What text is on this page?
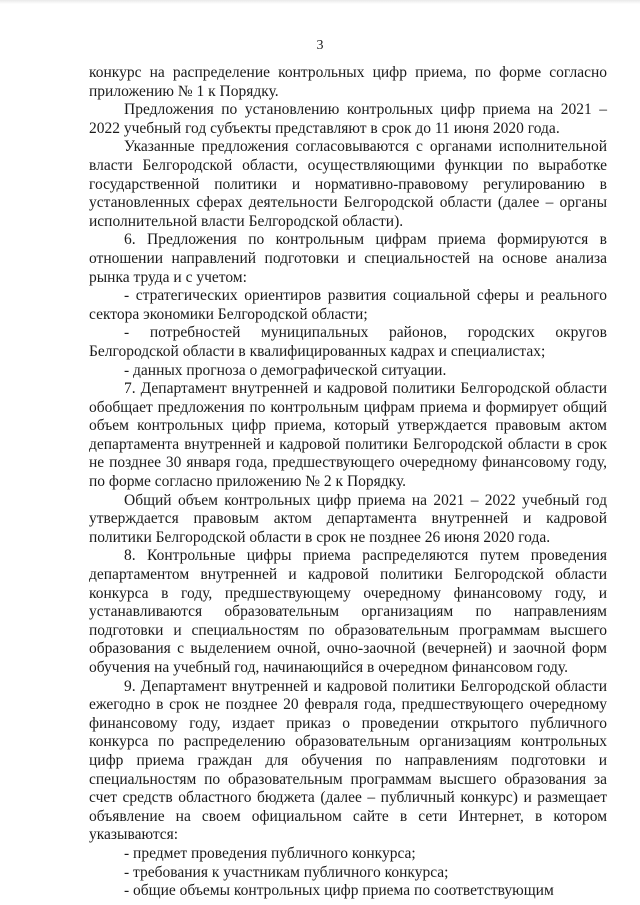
3

конкурс на распределение контрольных цифр приема, по форме согласно приложению № 1 к Порядку.

Предложения по установлению контрольных цифр приема на 2021 – 2022 учебный год субъекты представляют в срок до 11 июня 2020 года.

Указанные предложения согласовываются с органами исполнительной власти Белгородской области, осуществляющими функции по выработке государственной политики и нормативно-правовому регулированию в установленных сферах деятельности Белгородской области (далее – органы исполнительной власти Белгородской области).

6. Предложения по контрольным цифрам приема формируются в отношении направлений подготовки и специальностей на основе анализа рынка труда и с учетом:

- стратегических ориентиров развития социальной сферы и реального сектора экономики Белгородской области;

- потребностей муниципальных районов, городских округов Белгородской области в квалифицированных кадрах и специалистах;

- данных прогноза о демографической ситуации.

7. Департамент внутренней и кадровой политики Белгородской области обобщает предложения по контрольным цифрам приема и формирует общий объем контрольных цифр приема, который утверждается правовым актом департамента внутренней и кадровой политики Белгородской области в срок не позднее 30 января года, предшествующего очередному финансовому году, по форме согласно приложению № 2 к Порядку.

Общий объем контрольных цифр приема на 2021 – 2022 учебный год утверждается правовым актом департамента внутренней и кадровой политики Белгородской области в срок не позднее 26 июня 2020 года.

8. Контрольные цифры приема распределяются путем проведения департаментом внутренней и кадровой политики Белгородской области конкурса в году, предшествующему очередному финансовому году, и устанавливаются образовательным организациям по направлениям подготовки и специальностям по образовательным программам высшего образования с выделением очной, очно-заочной (вечерней) и заочной форм обучения на учебный год, начинающийся в очередном финансовом году.

9. Департамент внутренней и кадровой политики Белгородской области ежегодно в срок не позднее 20 февраля года, предшествующего очередному финансовому году, издает приказ о проведении открытого публичного конкурса по распределению образовательным организациям контрольных цифр приема граждан для обучения по направлениям подготовки и специальностям по образовательным программам высшего образования за счет средств областного бюджета (далее – публичный конкурс) и размещает объявление на своем официальном сайте в сети Интернет, в котором указываются:

- предмет проведения публичного конкурса;

- требования к участникам публичного конкурса;

- общие объемы контрольных цифр приема по соответствующим
